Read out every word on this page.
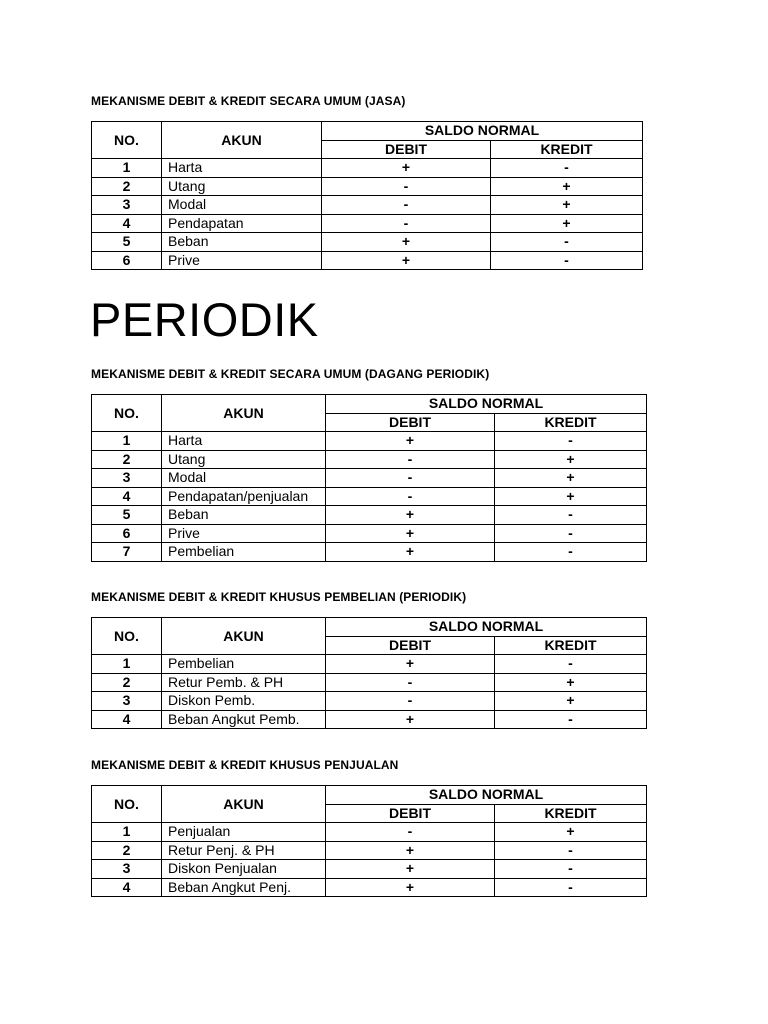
MEKANISME DEBIT & KREDIT SECARA UMUM (JASA)
NO.	AKUN	SALDO NORMAL	
		DEBIT	KREDIT
1	Harta	+	-
2	Utang	-	+
3	Modal	-	+
4	Pendapatan	-	+
5	Beban	+	-
6	Prive	+	-
PERIODIK
MEKANISME DEBIT & KREDIT SECARA UMUM (DAGANG PERIODIK)
NO.	AKUN	SALDO NORMAL	
		DEBIT	KREDIT
1	Harta	+	-
2	Utang	-	+
3	Modal	-	+
4	Pendapatan/penjualan	-	+
5	Beban	+	-
6	Prive	+	-
7	Pembelian	+	-
MEKANISME DEBIT & KREDIT KHUSUS PEMBELIAN (PERIODIK)
NO.	AKUN	SALDO NORMAL	
		DEBIT	KREDIT
1	Pembelian	+	-
2	Retur Pemb. & PH	-	+
3	Diskon Pemb.	-	+
4	Beban Angkut Pemb.	+	-
MEKANISME DEBIT & KREDIT KHUSUS PENJUALAN
NO.	AKUN	SALDO NORMAL	
		DEBIT	KREDIT
1	Penjualan	-	+
2	Retur Penj. & PH	+	-
3	Diskon Penjualan	+	-
4	Beban Angkut Penj.	+	-
